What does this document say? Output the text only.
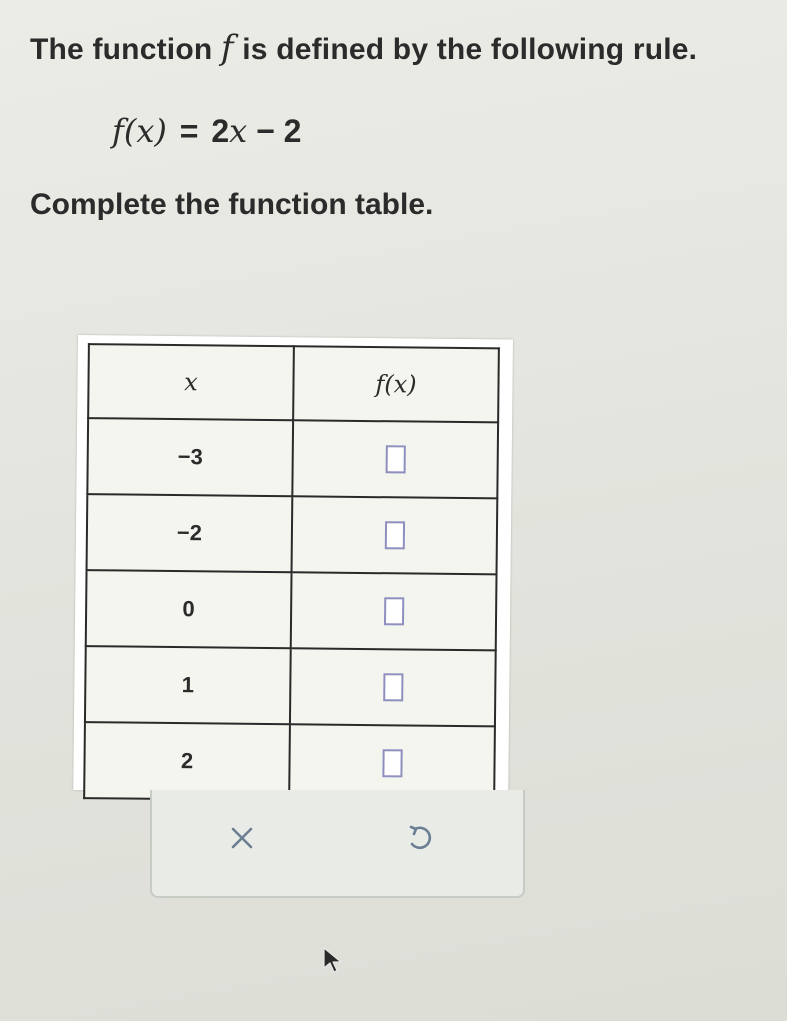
The function f is defined by the following rule.
f(x) = 2x − 2
Complete the function table.
x	f(x)
−3	
−2	
0	
1	
2	
